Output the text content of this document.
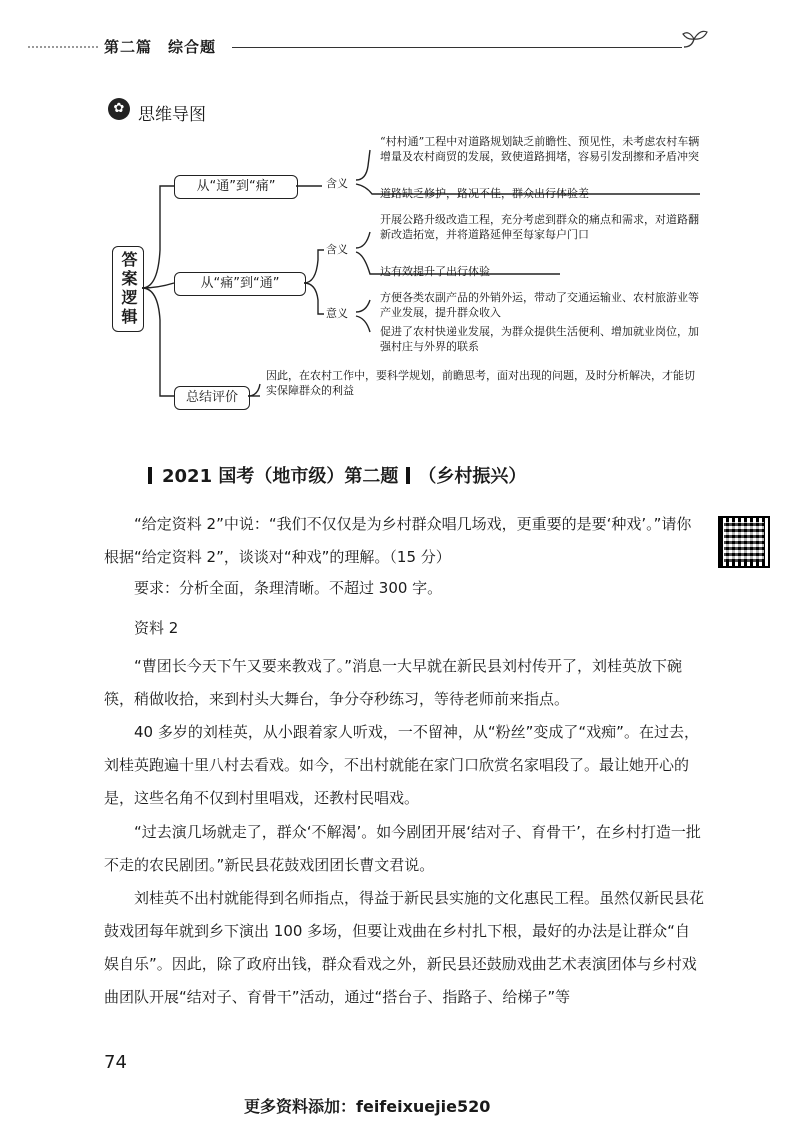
第二篇　综合题
✿ 思维导图
答案逻辑
从“通”到“痛”
从“痛”到“通”
总结评价
含义
“村村通”工程中对道路规划缺乏前瞻性、预见性，未考虑农村车辆增量及农村商贸的发展，致使道路拥堵，容易引发刮擦和矛盾冲突
道路缺乏修护，路况不佳，群众出行体验差
含义
意义
开展公路升级改造工程，充分考虑到群众的痛点和需求，对道路翻新改造拓宽，并将道路延伸至每家每户门口
达有效提升了出行体验
方便各类农副产品的外销外运，带动了交通运输业、农村旅游业等产业发展，提升群众收入
促进了农村快递业发展，为群众提供生活便利、增加就业岗位，加强村庄与外界的联系
因此，在农村工作中，要科学规划，前瞻思考，面对出现的问题，及时分析解决，才能切实保障群众的利益
2021 国考（地市级）第二题 （乡村振兴）
“给定资料 2”中说：“我们不仅仅是为乡村群众唱几场戏，更重要的是要‘种戏’。”请你根据“给定资料 2”，谈谈对“种戏”的理解。（15 分）
要求：分析全面，条理清晰。不超过 300 字。
资料 2
“曹团长今天下午又要来教戏了。”消息一大早就在新民县刘村传开了，刘桂英放下碗筷，稍做收拾，来到村头大舞台，争分夺秒练习，等待老师前来指点。
40 多岁的刘桂英，从小跟着家人听戏，一不留神，从“粉丝”变成了“戏痴”。在过去，刘桂英跑遍十里八村去看戏。如今，不出村就能在家门口欣赏名家唱段了。最让她开心的是，这些名角不仅到村里唱戏，还教村民唱戏。
“过去演几场就走了，群众‘不解渴’。如今剧团开展‘结对子、育骨干’，在乡村打造一批不走的农民剧团。”新民县花鼓戏团团长曹文君说。
刘桂英不出村就能得到名师指点，得益于新民县实施的文化惠民工程。虽然仅新民县花鼓戏团每年就到乡下演出 100 多场，但要让戏曲在乡村扎下根，最好的办法是让群众“自娱自乐”。因此，除了政府出钱，群众看戏之外，新民县还鼓励戏曲艺术表演团体与乡村戏曲团队开展“结对子、育骨干”活动，通过“搭台子、指路子、给梯子”等
74
更多资料添加：feifeixuejie520
